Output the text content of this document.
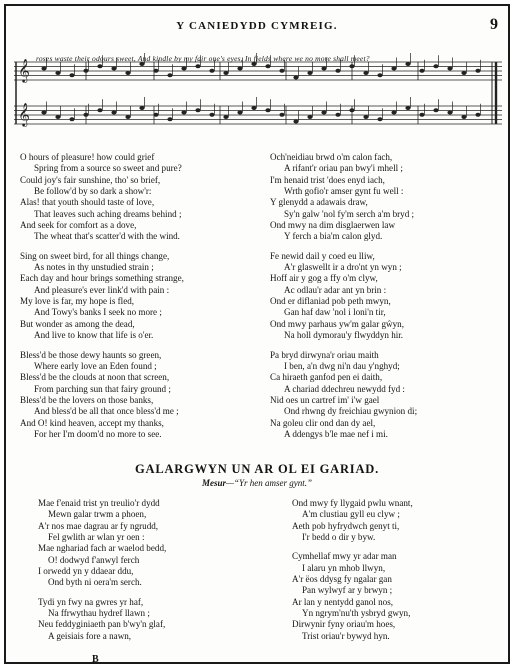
Y CANIEDYDD CYMREIG.	9
𝄞
𝄞
roses waste their odours sweet, And kindle by my fair one's eyes, In fields where we no more shall meet?
O hours of pleasure! how could grief
Spring from a source so sweet and pure?
Could joy's fair sunshine, tho' so brief,
Be follow'd by so dark a show'r:
Alas! that youth should taste of love,
That leaves such aching dreams behind ;
And seek for comfort as a dove,
The wheat that's scatter'd with the wind.
Sing on sweet bird, for all things change,
As notes in thy unstudied strain ;
Each day and hour brings something strange,
And pleasure's ever link'd with pain :
My love is far, my hope is fled,
And Towy's banks I seek no more ;
But wonder as among the dead,
And live to know that life is o'er.
Bless'd be those dewy haunts so green,
Where early love an Eden found ;
Bless'd be the clouds at noon that screen,
From parching sun that fairy ground ;
Bless'd be the lovers on those banks,
And bless'd be all that once bless'd me ;
And O! kind heaven, accept my thanks,
For her I'm doom'd no more to see.
Och'neidiau brwd o'm calon fach,
A rifant'r oriau pan bwy'i mhell ;
I'm henaid trist 'does enyd iach,
Wrth gofio'r amser gynt fu well :
Y glenydd a adawais draw,
Sy'n galw 'nol fy'm serch a'm bryd ;
Ond mwy na dim disglaerwen law
Y ferch a bia'm calon glyd.
Fe newid dail y coed eu lliw,
A'r glaswellt ir a dro'nt yn wyn ;
Hoff air y gog a ffy o'm clyw,
Ac odlau'r adar ant yn brin :
Ond er diflaniad pob peth mwyn,
Gan haf daw 'nol i loni'n tir,
Ond mwy parhaus yw'm galar gŵyn,
Na holl dymorau'y flwyddyn hir.
Pa bryd dirwyna'r oriau maith
I ben, a'n dwg ni'n dau y'nghyd;
Ca hiraeth ganfod pen ei daith,
A chariad ddechreu newydd fyd :
Nid oes un cartref im' i'w gael
Ond rhwng dy freichiau gwynion di;
Na goleu clir ond dan dy ael,
A ddengys b'le mae nef i mi.
GALARGWYN UN AR OL EI GARIAD.
Mesur—“Yr hen amser gynt.”
Mae f'enaid trist yn treulio'r dydd
Mewn galar trwm a phoen,
A'r nos mae dagrau ar fy ngrudd,
Fel gwlith ar wlan yr oen :
Mae nghariad fach ar waelod bedd,
O! dodwyd f'anwyl ferch
I orwedd yn y ddaear ddu,
Ond byth ni oera'm serch.
Tydi yn fwy na gwres yr haf,
Na ffrwythau hydref llawn ;
Neu feddyginiaeth pan b'wy'n glaf,
A geisiais fore a nawn,
Ond mwy fy llygaid pwlu wnant,
A'm clustiau gyll eu clyw ;
Aeth pob hyfrydwch genyt ti,
I'r bedd o dir y byw.
Cymhellaf mwy yr adar man
I alaru yn mhob llwyn,
A'r ëos ddysg fy ngalar gan
Pan wylwyf ar y brwyn ;
Ar lan y nentydd ganol nos,
Yn ngrym'nu'th ysbryd gwyn,
Dirwynir fyny oriau'm hoes,
Trist oriau'r bywyd hyn.
B
